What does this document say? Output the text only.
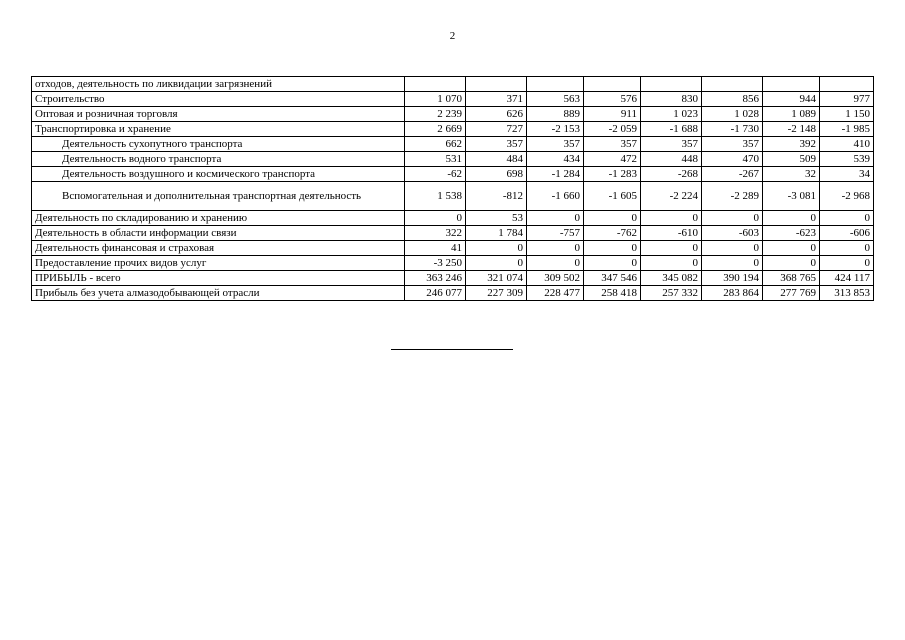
2
отходов, деятельность по ликвидации загрязнений								
Строительство	1 070	371	563	576	830	856	944	977
Оптовая и розничная торговля	2 239	626	889	911	1 023	1 028	1 089	1 150
Транспортировка и хранение	2 669	727	-2 153	-2 059	-1 688	-1 730	-2 148	-1 985
Деятельность сухопутного транспорта	662	357	357	357	357	357	392	410
Деятельность водного транспорта	531	484	434	472	448	470	509	539
Деятельность воздушного и космического транспорта	-62	698	-1 284	-1 283	-268	-267	32	34
Вспомогательная и дополнительная транспортная деятельность	1 538	-812	-1 660	-1 605	-2 224	-2 289	-3 081	-2 968
Деятельность по складированию и хранению	0	53	0	0	0	0	0	0
Деятельность в области информации связи	322	1 784	-757	-762	-610	-603	-623	-606
Деятельность финансовая и страховая	41	0	0	0	0	0	0	0
Предоставление прочих видов услуг	-3 250	0	0	0	0	0	0	0
ПРИБЫЛЬ - всего	363 246	321 074	309 502	347 546	345 082	390 194	368 765	424 117
Прибыль без учета алмазодобывающей отрасли	246 077	227 309	228 477	258 418	257 332	283 864	277 769	313 853
